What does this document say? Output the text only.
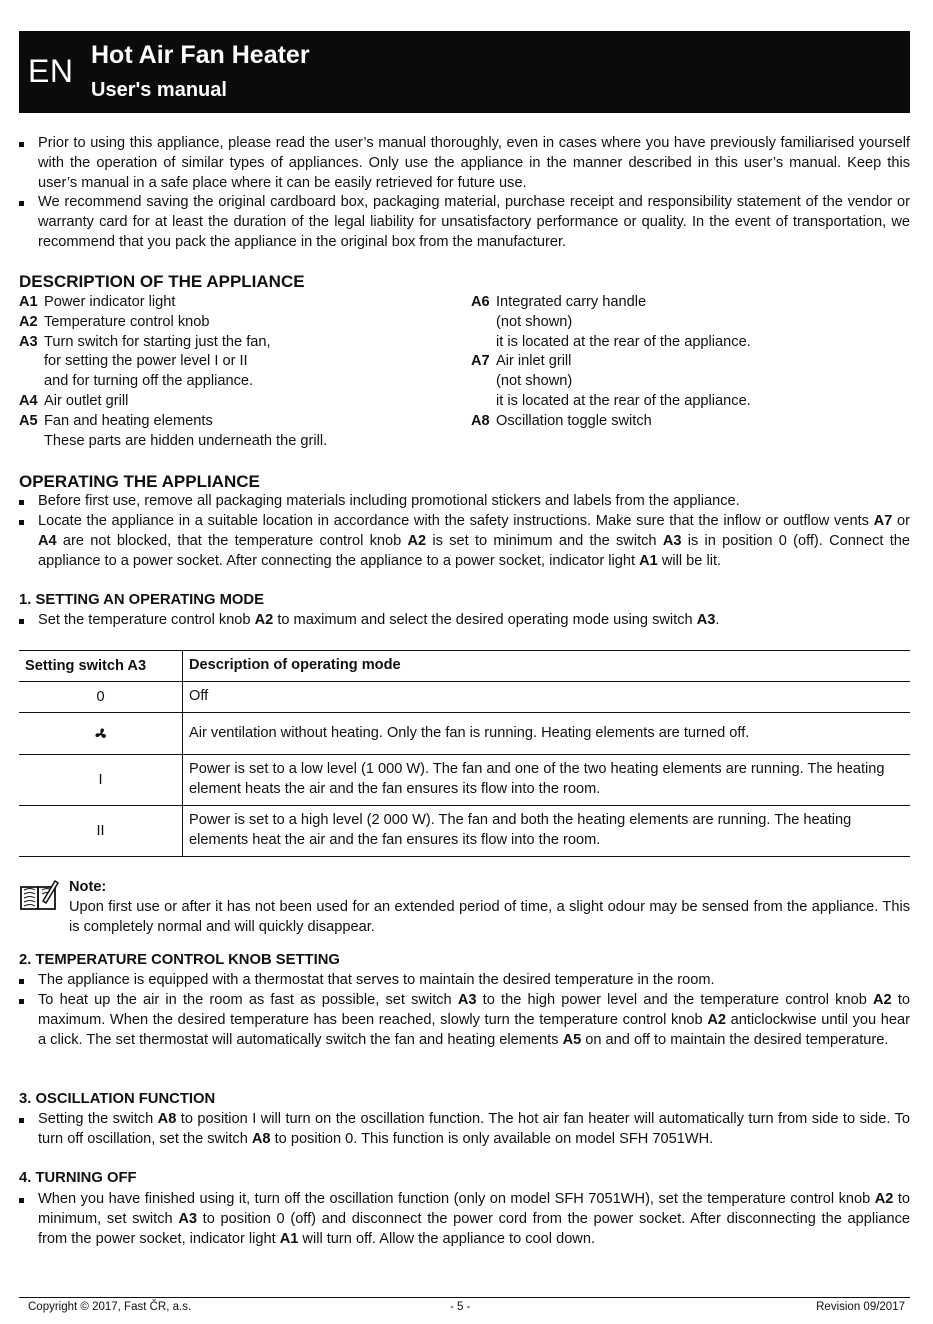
EN Hot Air Fan Heater
User's manual
Prior to using this appliance, please read the user’s manual thoroughly, even in cases where you have previously familiarised yourself with the operation of similar types of appliances. Only use the appliance in the manner described in this user’s manual. Keep this user’s manual in a safe place where it can be easily retrieved for future use.
We recommend saving the original cardboard box, packaging material, purchase receipt and responsibility statement of the vendor or warranty card for at least the duration of the legal liability for unsatisfactory performance or quality. In the event of transportation, we recommend that you pack the appliance in the original box from the manufacturer.
DESCRIPTION OF THE APPLIANCE
A1 Power indicator light
A2 Temperature control knob
A3 Turn switch for starting just the fan,
for setting the power level I or II
and for turning off the appliance.
A4 Air outlet grill
A5 Fan and heating elements
These parts are hidden underneath the grill.
A6 Integrated carry handle
(not shown)
it is located at the rear of the appliance.
A7 Air inlet grill
(not shown)
it is located at the rear of the appliance.
A8 Oscillation toggle switch
OPERATING THE APPLIANCE
Before first use, remove all packaging materials including promotional stickers and labels from the appliance.
Locate the appliance in a suitable location in accordance with the safety instructions. Make sure that the inflow or outflow vents A7 or A4 are not blocked, that the temperature control knob A2 is set to minimum and the switch A3 is in position 0 (off). Connect the appliance to a power socket. After connecting the appliance to a power socket, indicator light A1 will be lit.
1. SETTING AN OPERATING MODE
Set the temperature control knob A2 to maximum and select the desired operating mode using switch A3.
Setting switch A3	Description of operating mode
0	Off
	Air ventilation without heating. Only the fan is running. Heating elements are turned off.
I	Power is set to a low level (1 000 W). The fan and one of the two heating elements are running. The heating element heats the air and the fan ensures its flow into the room.
II	Power is set to a high level (2 000 W). The fan and both the heating elements are running. The heating elements heat the air and the fan ensures its flow into the room.
Note:
Upon first use or after it has not been used for an extended period of time, a slight odour may be sensed from the appliance. This is completely normal and will quickly disappear.
2. TEMPERATURE CONTROL KNOB SETTING
The appliance is equipped with a thermostat that serves to maintain the desired temperature in the room.
To heat up the air in the room as fast as possible, set switch A3 to the high power level and the temperature control knob A2 to maximum. When the desired temperature has been reached, slowly turn the temperature control knob A2 anticlockwise until you hear a click. The set thermostat will automatically switch the fan and heating elements A5 on and off to maintain the desired temperature.
3. OSCILLATION FUNCTION
Setting the switch A8 to position I will turn on the oscillation function. The hot air fan heater will automatically turn from side to side. To turn off oscillation, set the switch A8 to position 0. This function is only available on model SFH 7051WH.
4. TURNING OFF
When you have finished using it, turn off the oscillation function (only on model SFH 7051WH), set the temperature control knob A2 to minimum, set switch A3 to position 0 (off) and disconnect the power cord from the power socket. After disconnecting the appliance from the power socket, indicator light A1 will turn off. Allow the appliance to cool down.
Copyright © 2017, Fast ČR, a.s.	- 5 -	Revision 09/2017
